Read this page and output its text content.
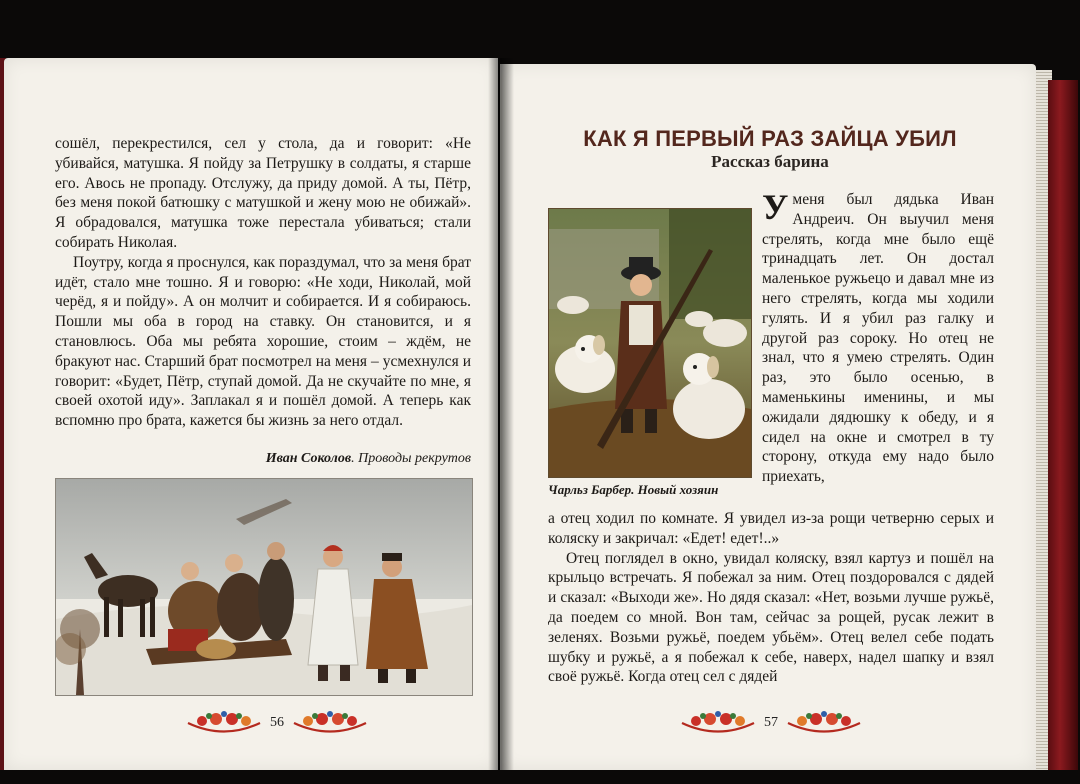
сошёл, перекрестился, сел у стола, да и говорит: «Не убивайся, матушка. Я пойду за Петрушку в солдаты, я старше его. Авось не пропаду. Отслужу, да приду домой. А ты, Пётр, без меня покой батюшку с матушкой и жену мою не обижай». Я обрадовался, матушка тоже перестала убиваться; стали собирать Николая.

Поутру, когда я проснулся, как пораздумал, что за меня брат идёт, стало мне тошно. Я и говорю: «Не ходи, Николай, мой черёд, я и пойду». А он молчит и собирается. И я собираюсь. Пошли мы оба в город на ставку. Он становится, и я становлюсь. Оба мы ребята хорошие, стоим – ждём, не бракуют нас. Старший брат посмотрел на меня – усмехнулся и говорит: «Будет, Пётр, ступай домой. Да не скучайте по мне, я своей охотой иду». Заплакал я и пошёл домой. А теперь как вспомню про брата, кажется бы жизнь за него отдал.

Иван Соколов. Проводы рекрутов
56
КАК Я ПЕРВЫЙ РАЗ ЗАЙЦА УБИЛ
Рассказ барина
Чарльз Барбер. Новый хозяин
Уменя был дядька Иван Андреич. Он выучил меня стрелять, когда мне было ещё тринадцать лет. Он достал маленькое ружьецо и давал мне из него стрелять, когда мы ходили гулять. И я убил раз галку и другой раз сороку. Но отец не знал, что я умею стрелять. Один раз, это было осенью, в маменькины именины, и мы ожидали дядюшку к обеду, и я сидел на окне и смотрел в ту сторону, откуда ему надо было приехать,

а отец ходил по комнате. Я увидел из-за рощи четверню серых и коляску и закричал: «Едет! едет!..»

Отец поглядел в окно, увидал коляску, взял картуз и пошёл на крыльцо встречать. Я побежал за ним. Отец поздоровался с дядей и сказал: «Выходи же». Но дядя сказал: «Нет, возьми лучше ружьё, да поедем со мной. Вон там, сейчас за рощей, русак лежит в зеленях. Возьми ружьё, поедем убьём». Отец велел себе подать шубку и ружьё, а я побежал к себе, наверх, надел шапку и взял своё ружьё. Когда отец сел с дядей

57
